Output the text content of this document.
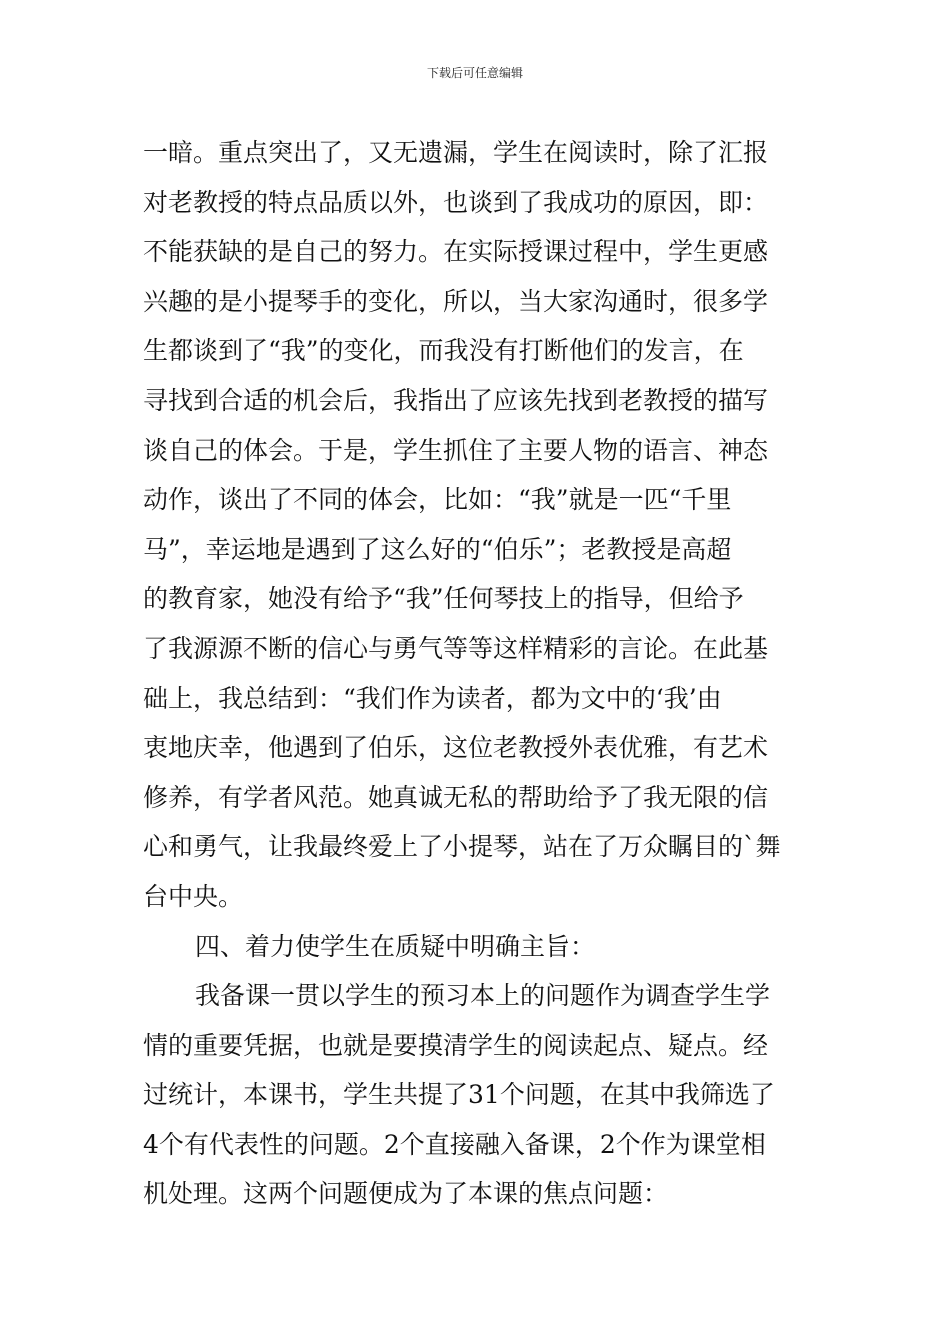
下载后可任意编辑
一暗。重点突出了，又无遗漏，学生在阅读时，除了汇报
对老教授的特点品质以外，也谈到了我成功的原因，即：
不能获缺的是自己的努力。在实际授课过程中，学生更感
兴趣的是小提琴手的变化，所以，当大家沟通时，很多学
生都谈到了“我”的变化，而我没有打断他们的发言，在
寻找到合适的机会后，我指出了应该先找到老教授的描写
谈自己的体会。于是，学生抓住了主要人物的语言、神态
动作，谈出了不同的体会，比如：“我”就是一匹“千里
马”，幸运地是遇到了这么好的“伯乐”；老教授是高超
的教育家，她没有给予“我”任何琴技上的指导，但给予
了我源源不断的信心与勇气等等这样精彩的言论。在此基
础上，我总结到：“我们作为读者，都为文中的‘我’由
衷地庆幸，他遇到了伯乐，这位老教授外表优雅，有艺术
修养，有学者风范。她真诚无私的帮助给予了我无限的信
心和勇气，让我最终爱上了小提琴，站在了万众瞩目的`舞
台中央。
四、着力使学生在质疑中明确主旨：
我备课一贯以学生的预习本上的问题作为调查学生学
情的重要凭据，也就是要摸清学生的阅读起点、疑点。经
过统计，本课书，学生共提了31个问题，在其中我筛选了
4个有代表性的问题。2个直接融入备课，2个作为课堂相
机处理。这两个问题便成为了本课的焦点问题：
